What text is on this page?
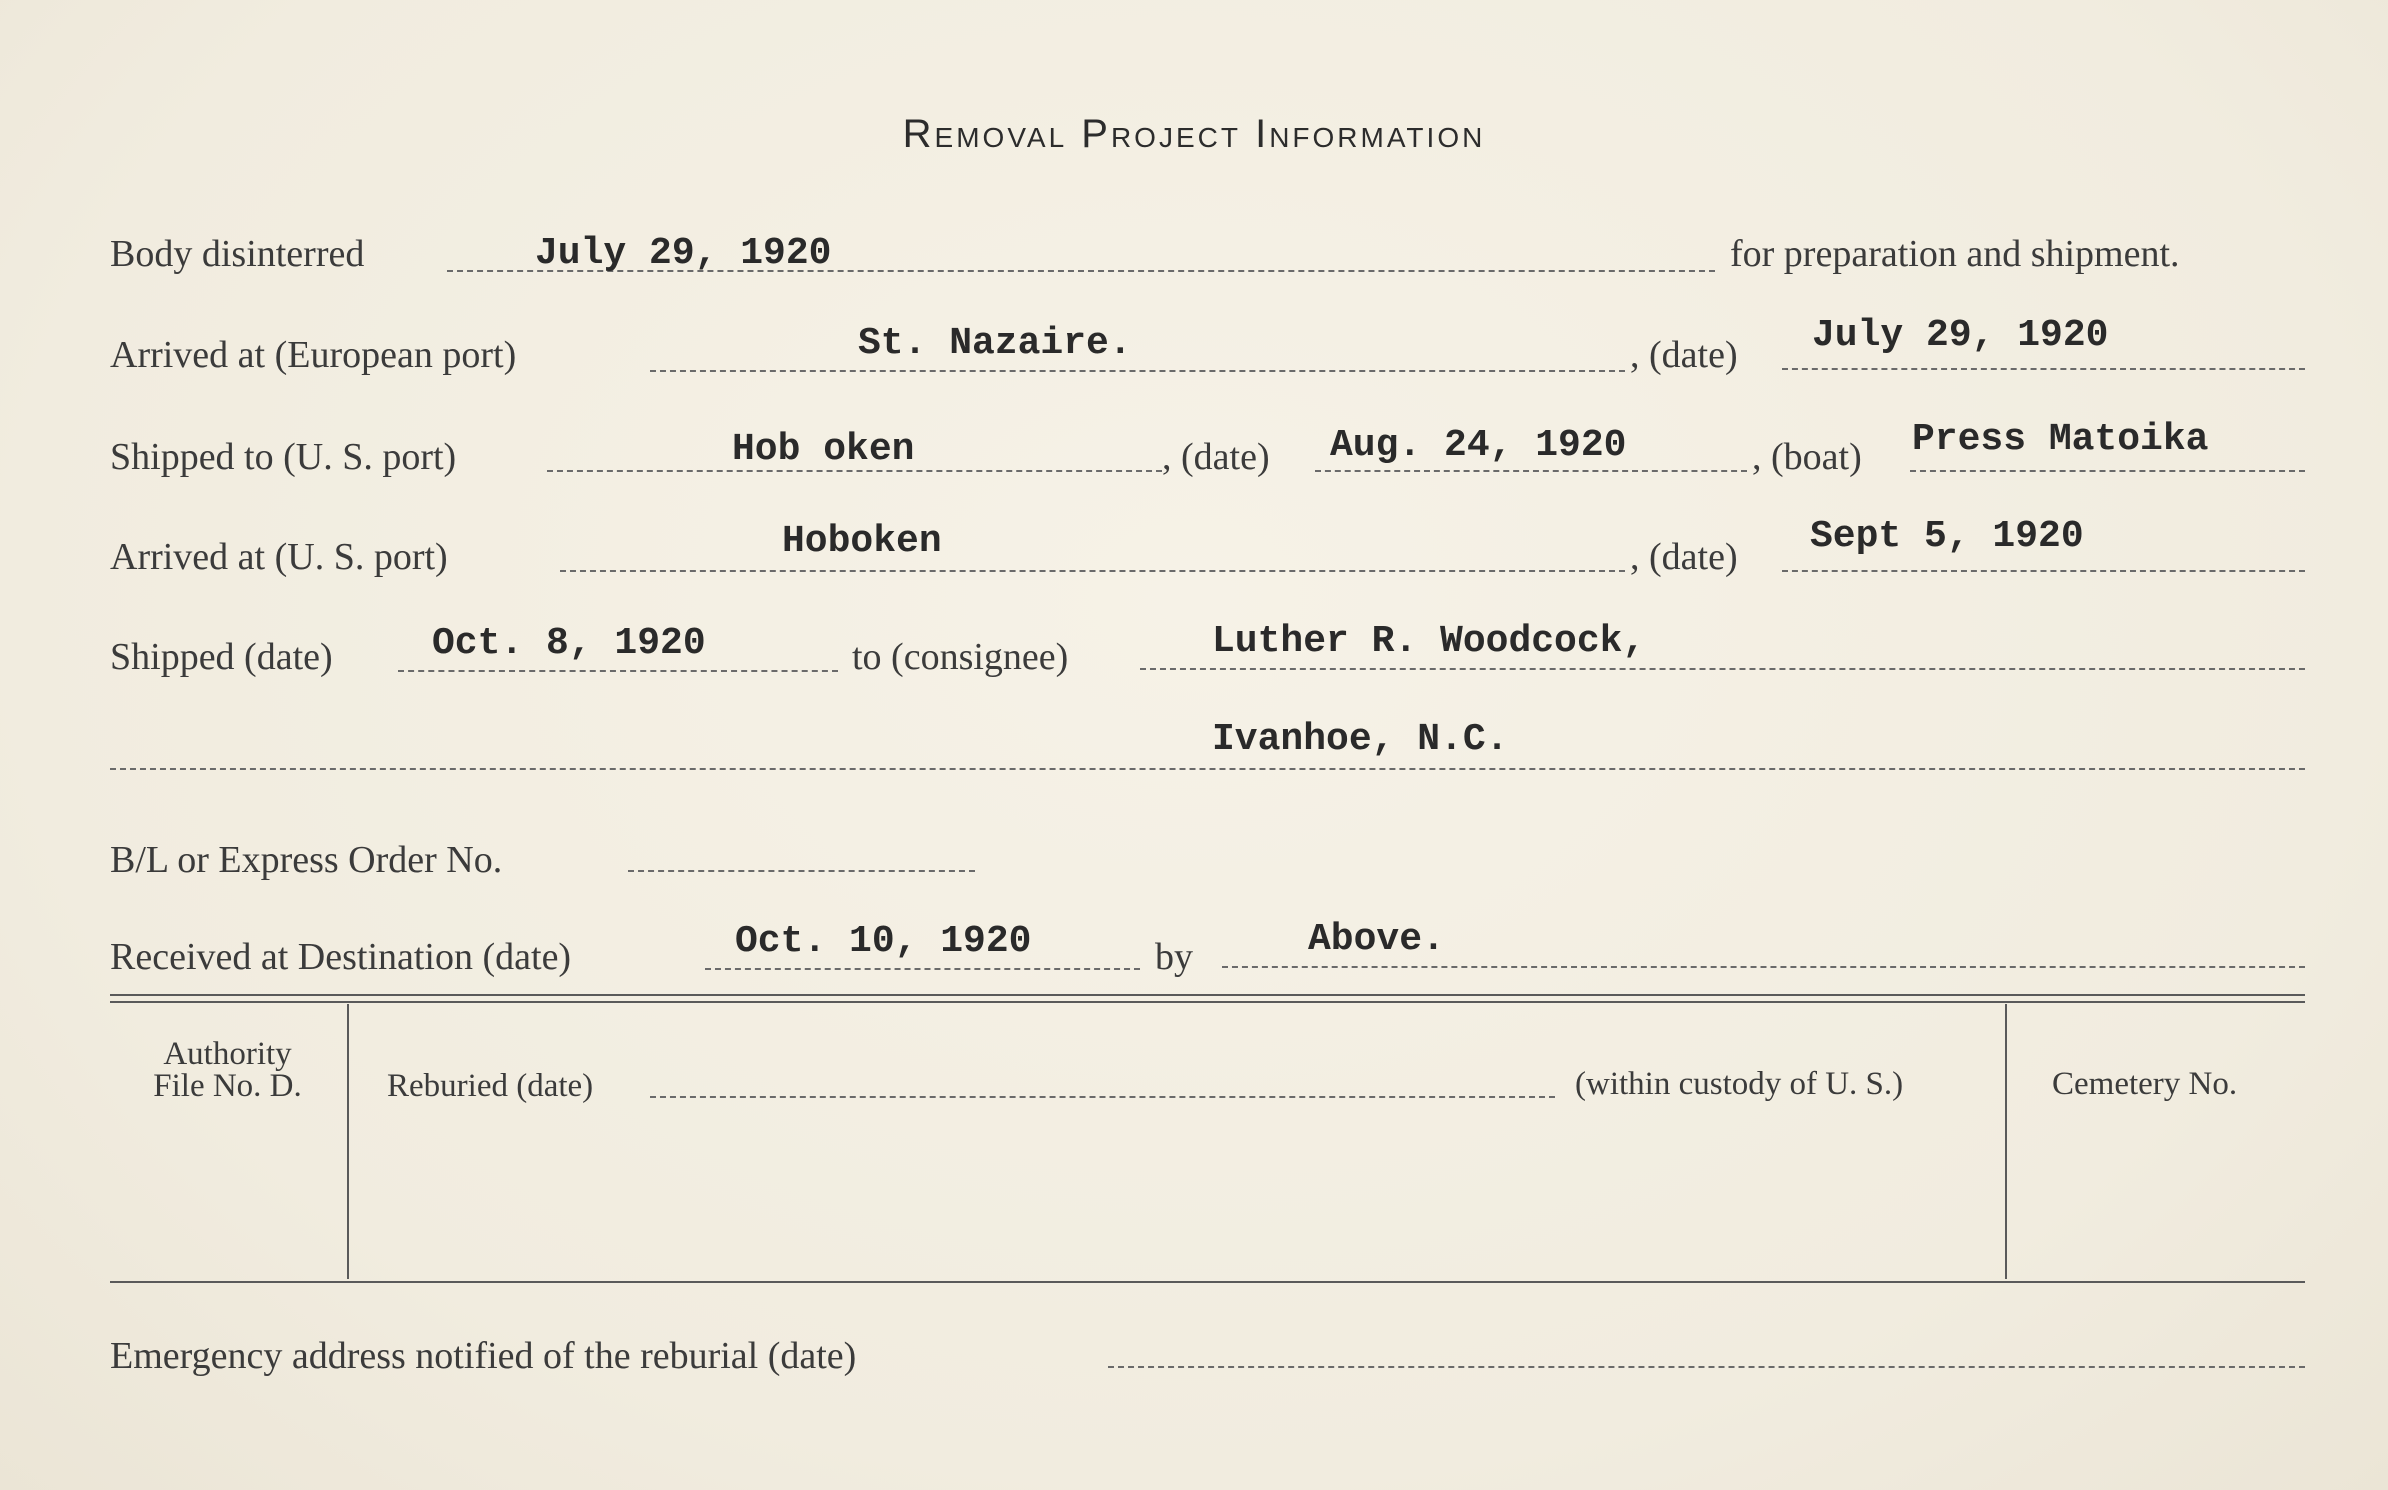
Removal Project Information
Body disinterred	July 29, 1920	for preparation and shipment.
Arrived at (European port)	St. Nazaire.	, (date) July 29, 1920
Shipped to (U. S. port)	Hob oken	, (date) Aug. 24, 1920	, (boat) Press Matoika
Arrived at (U. S. port)	Hoboken	, (date) Sept 5, 1920
Shipped (date)	Oct. 8, 1920	to (consignee)	Luther R. Woodcock,
Ivanhoe, N.C.
B/L or Express Order No.
Received at Destination (date)	Oct. 10, 1920	by	Above.
Authority
File No. D.	Reburied (date)	(within custody of U. S.)	Cemetery No.
Emergency address notified of the reburial (date)
